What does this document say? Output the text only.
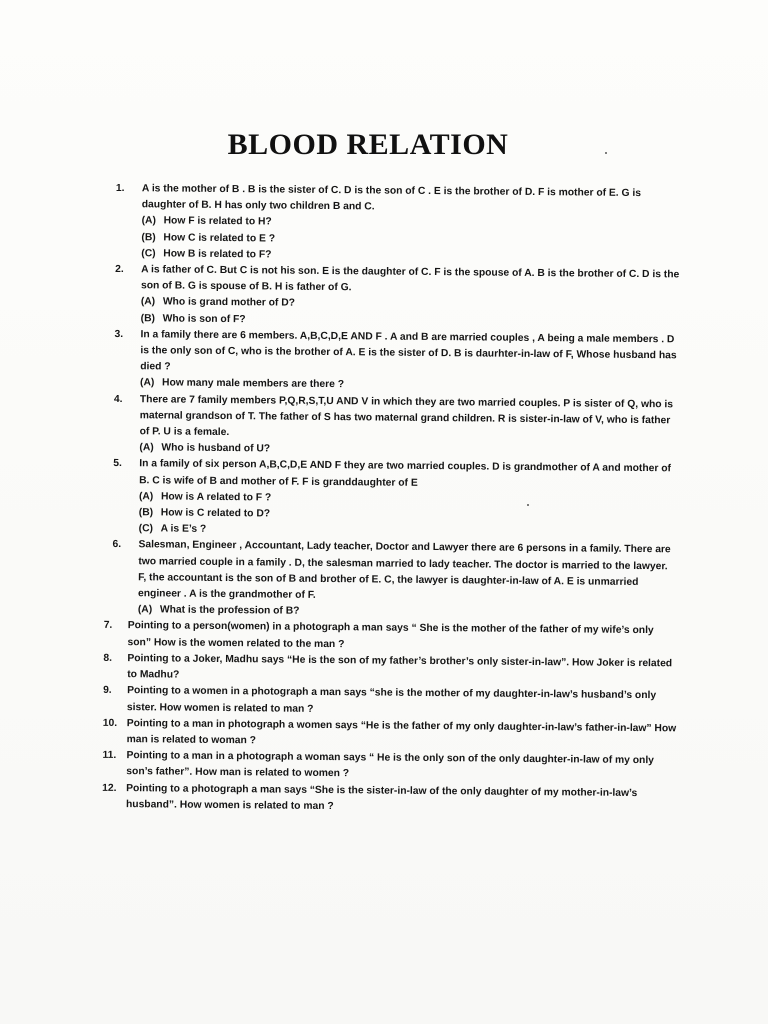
BLOOD RELATION
1.	A is the mother of B . B is the sister of C. D is the son of C . E is the brother of D. F is mother of E. G is daughter of B. H has only two children B and C.
(A) How F is related to H?
(B) How C is related to E ?
(C) How B is related to F?
2.	A is father of C. But C is not his son. E is the daughter of C. F is the spouse of A. B is the brother of C. D is the son of B. G is spouse of B. H is father of G.
(A) Who is grand mother of D?
(B) Who is son of F?
3.	In a family there are 6 members. A,B,C,D,E AND F . A and B are married couples , A being a male members . D is the only son of C, who is the brother of A. E is the sister of D. B is daurhter-in-law of F, Whose husband has died ?
(A) How many male members are there ?
4.	There are 7 family members P,Q,R,S,T,U AND V in which they are two married couples. P is sister of Q, who is maternal grandson of T. The father of S has two maternal grand children. R is sister-in-law of V, who is father of P. U is a female.
(A) Who is husband of U?
5.	In a family of six person A,B,C,D,E AND F they are two married couples. D is grandmother of A and mother of B. C is wife of B and mother of F. F is granddaughter of E
(A) How is A related to F ?
(B) How is C related to D?
(C) A is E’s ?
6.	Salesman, Engineer , Accountant, Lady teacher, Doctor and Lawyer there are 6 persons in a family. There are two married couple in a family . D, the salesman married to lady teacher. The doctor is married to the lawyer. F, the accountant is the son of B and brother of E. C, the lawyer is daughter-in-law of A. E is unmarried engineer . A is the grandmother of F.
(A) What is the profession of B?
7.	Pointing to a person(women) in a photograph a man says “ She is the mother of the father of my wife’s only son” How is the women related to the man ?
8.	Pointing to a Joker, Madhu says “He is the son of my father’s brother’s only sister-in-law”. How Joker is related to Madhu?
9.	Pointing to a women in a photograph a man says “she is the mother of my daughter-in-law’s husband’s only sister. How women is related to man ?
10. Pointing to a man in photograph a women says “He is the father of my only daughter-in-law’s father-in-law” How man is related to woman ?
11. Pointing to a man in a photograph a woman says “ He is the only son of the only daughter-in-law of my only son’s father”. How man is related to women ?
12. Pointing to a photograph a man says “She is the sister-in-law of the only daughter of my mother-in-law’s husband”. How women is related to man ?
